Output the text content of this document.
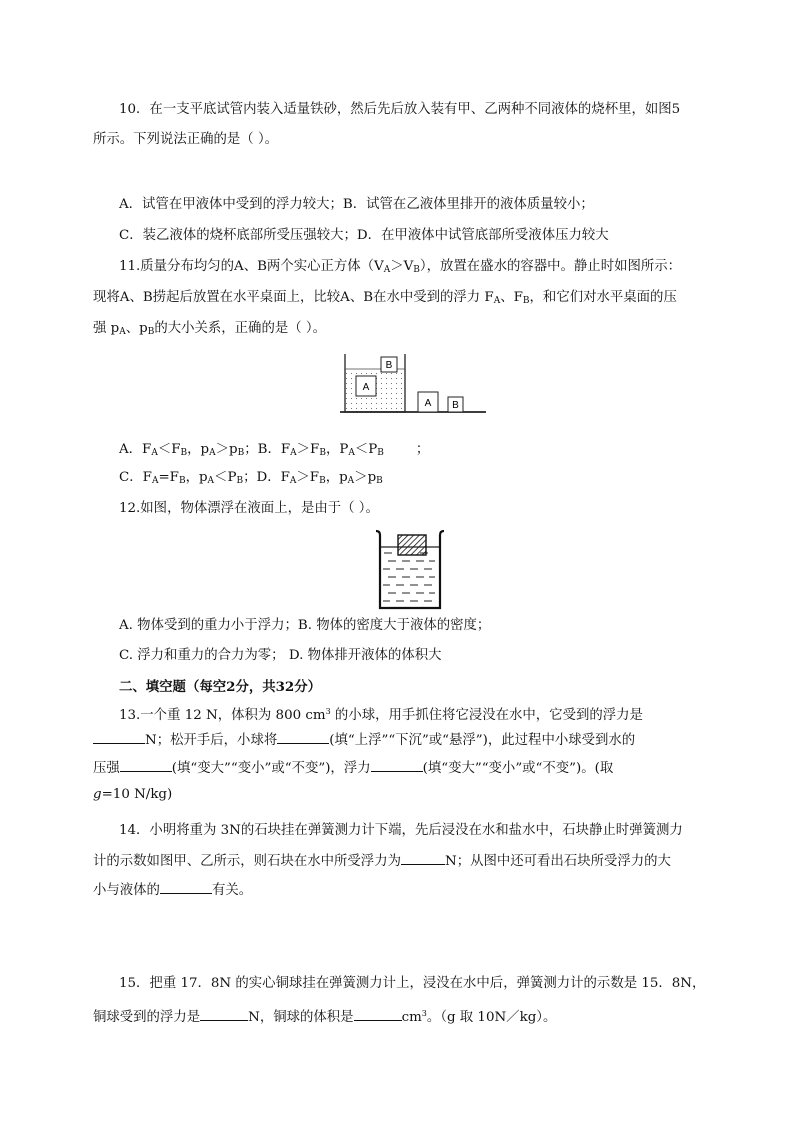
10．在一支平底试管内装入适量铁砂，然后先后放入装有甲、乙两种不同液体的烧杯里，如图5
所示。下列说法正确的是（ ）。
A．试管在甲液体中受到的浮力较大；B．试管在乙液体里排开的液体质量较小；
C．装乙液体的烧杯底部所受压强较大；D．在甲液体中试管底部所受液体压力较大
11.质量分布均匀的A、B两个实心正方体$(V_A>V_B)$，放置在盛水的容器中。静止时如图所示：
现将A、B捞起后放置在水平桌面上，比较A、B在水中受到的浮力 $F_A$、$F_B$，和它们对水平桌面的压
强 $p_A$、$p_B$的大小关系，正确的是（ ）。
A
B
A B
A．$F_A<F_B$，$p_A>p_B$；B．$F_A>F_B$，$P_A<P_B$ ；
C．$F_A=F_B$，$p_A<P_B$；D．$F_A>F_B$，$p_A>p_B$
12.如图，物体漂浮在液面上，是由于（ ）。
A. 物体受到的重力小于浮力；B. 物体的密度大于液体的密度；
C. 浮力和重力的合力为零； D. 物体排开液体的体积大
二、填空题（每空2分，共32分）
13.一个重 12 N，体积为 800 $cm^3$ 的小球，用手抓住将它浸没在水中，它受到的浮力是
N；松开手后，小球将	(填“上浮”“下沉”或“悬浮”)，此过程中小球受到水的
压强	(填“变大”“变小”或“不变”)，浮力	(填“变大”“变小”或“不变”)。(取
g=10 N/kg)
14．小明将重为 3N的石块挂在弹簧测力计下端，先后浸没在水和盐水中，石块静止时弹簧测力
计的示数如图甲、乙所示，则石块在水中所受浮力为	N；从图中还可看出石块所受浮力的大
小与液体的	有关。
15．把重 17．8N 的实心铜球挂在弹簧测力计上，浸没在水中后，弹簧测力计的示数是 15．8N，
铜球受到的浮力是	N，铜球的体积是	$cm^3$。（g 取 10N／kg）。
